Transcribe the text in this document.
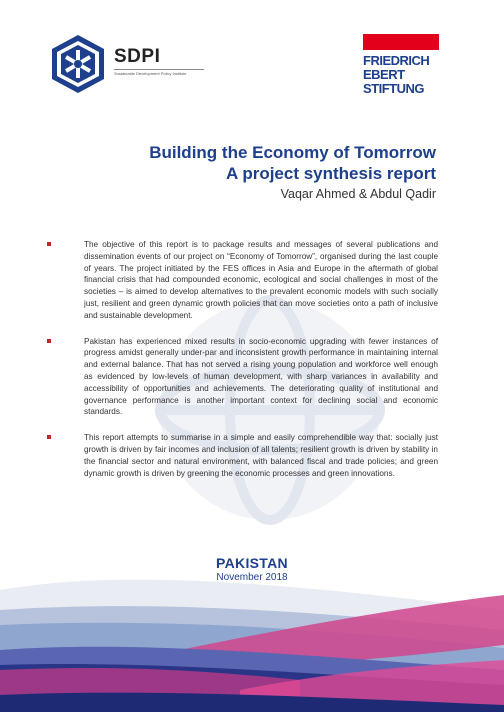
SDPI
Sustainable Development Policy Institute
FRIEDRICH
EBERT
STIFTUNG
Building the Economy of Tomorrow
A project synthesis report
Vaqar Ahmed & Abdul Qadir
The objective of this report is to package results and messages of several publications and dissemination events of our project on “Economy of Tomorrow”, organised during the last couple of years. The project initiated by the FES offices in Asia and Europe in the aftermath of global financial crisis that had compounded economic, ecological and social challenges in most of the societies – is aimed to develop alternatives to the prevalent economic models with such socially just, resilient and green dynamic growth policies that can move societies onto a path of inclusive and sustainable development.
Pakistan has experienced mixed results in socio-economic upgrading with fewer instances of progress amidst generally under-par and inconsistent growth performance in maintaining internal and external balance. That has not served a rising young population and workforce well enough as evidenced by low-levels of human development, with sharp variances in availability and accessibility of opportunities and achievements. The deteriorating quality of institutional and governance performance is another important context for declining social and economic standards.
This report attempts to summarise in a simple and easily comprehendible way that: socially just growth is driven by fair incomes and inclusion of all talents; resilient growth is driven by stability in the financial sector and natural environment, with balanced fiscal and trade policies; and green dynamic growth is driven by greening the economic processes and green innovations.
PAKISTAN
November 2018
